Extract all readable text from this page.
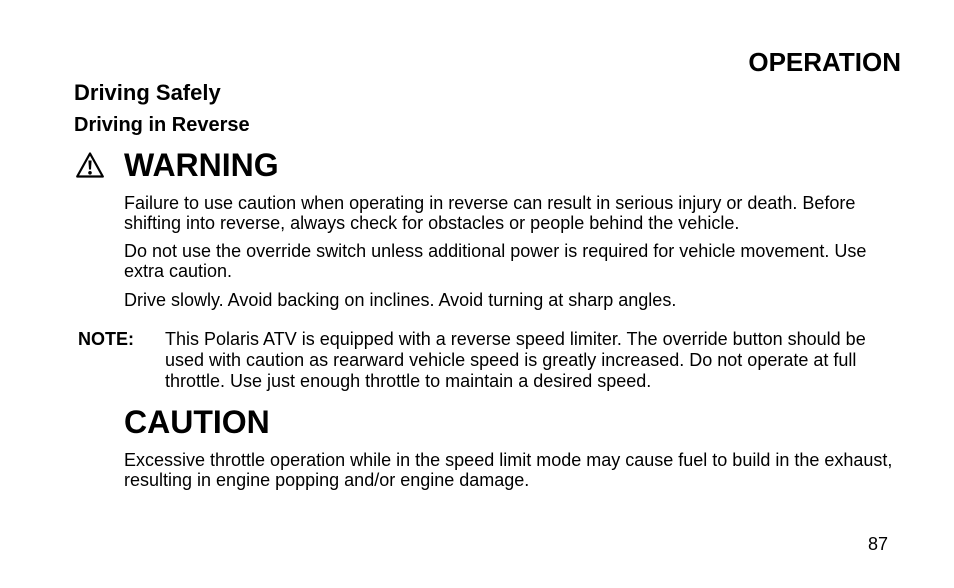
OPERATION
Driving Safely
Driving in Reverse
WARNING

Failure to use caution when operating in reverse can result in serious injury or death. Before shifting into reverse, always check for obstacles or people behind the vehicle.

Do not use the override switch unless additional power is required for vehicle movement. Use extra caution.

Drive slowly. Avoid backing on inclines. Avoid turning at sharp angles.

NOTE: This Polaris ATV is equipped with a reverse speed limiter. The override button should be used with caution as rearward vehicle speed is greatly increased. Do not operate at full throttle. Use just enough throttle to maintain a desired speed.

CAUTION

Excessive throttle operation while in the speed limit mode may cause fuel to build in the exhaust, resulting in engine popping and/or engine damage.

87
